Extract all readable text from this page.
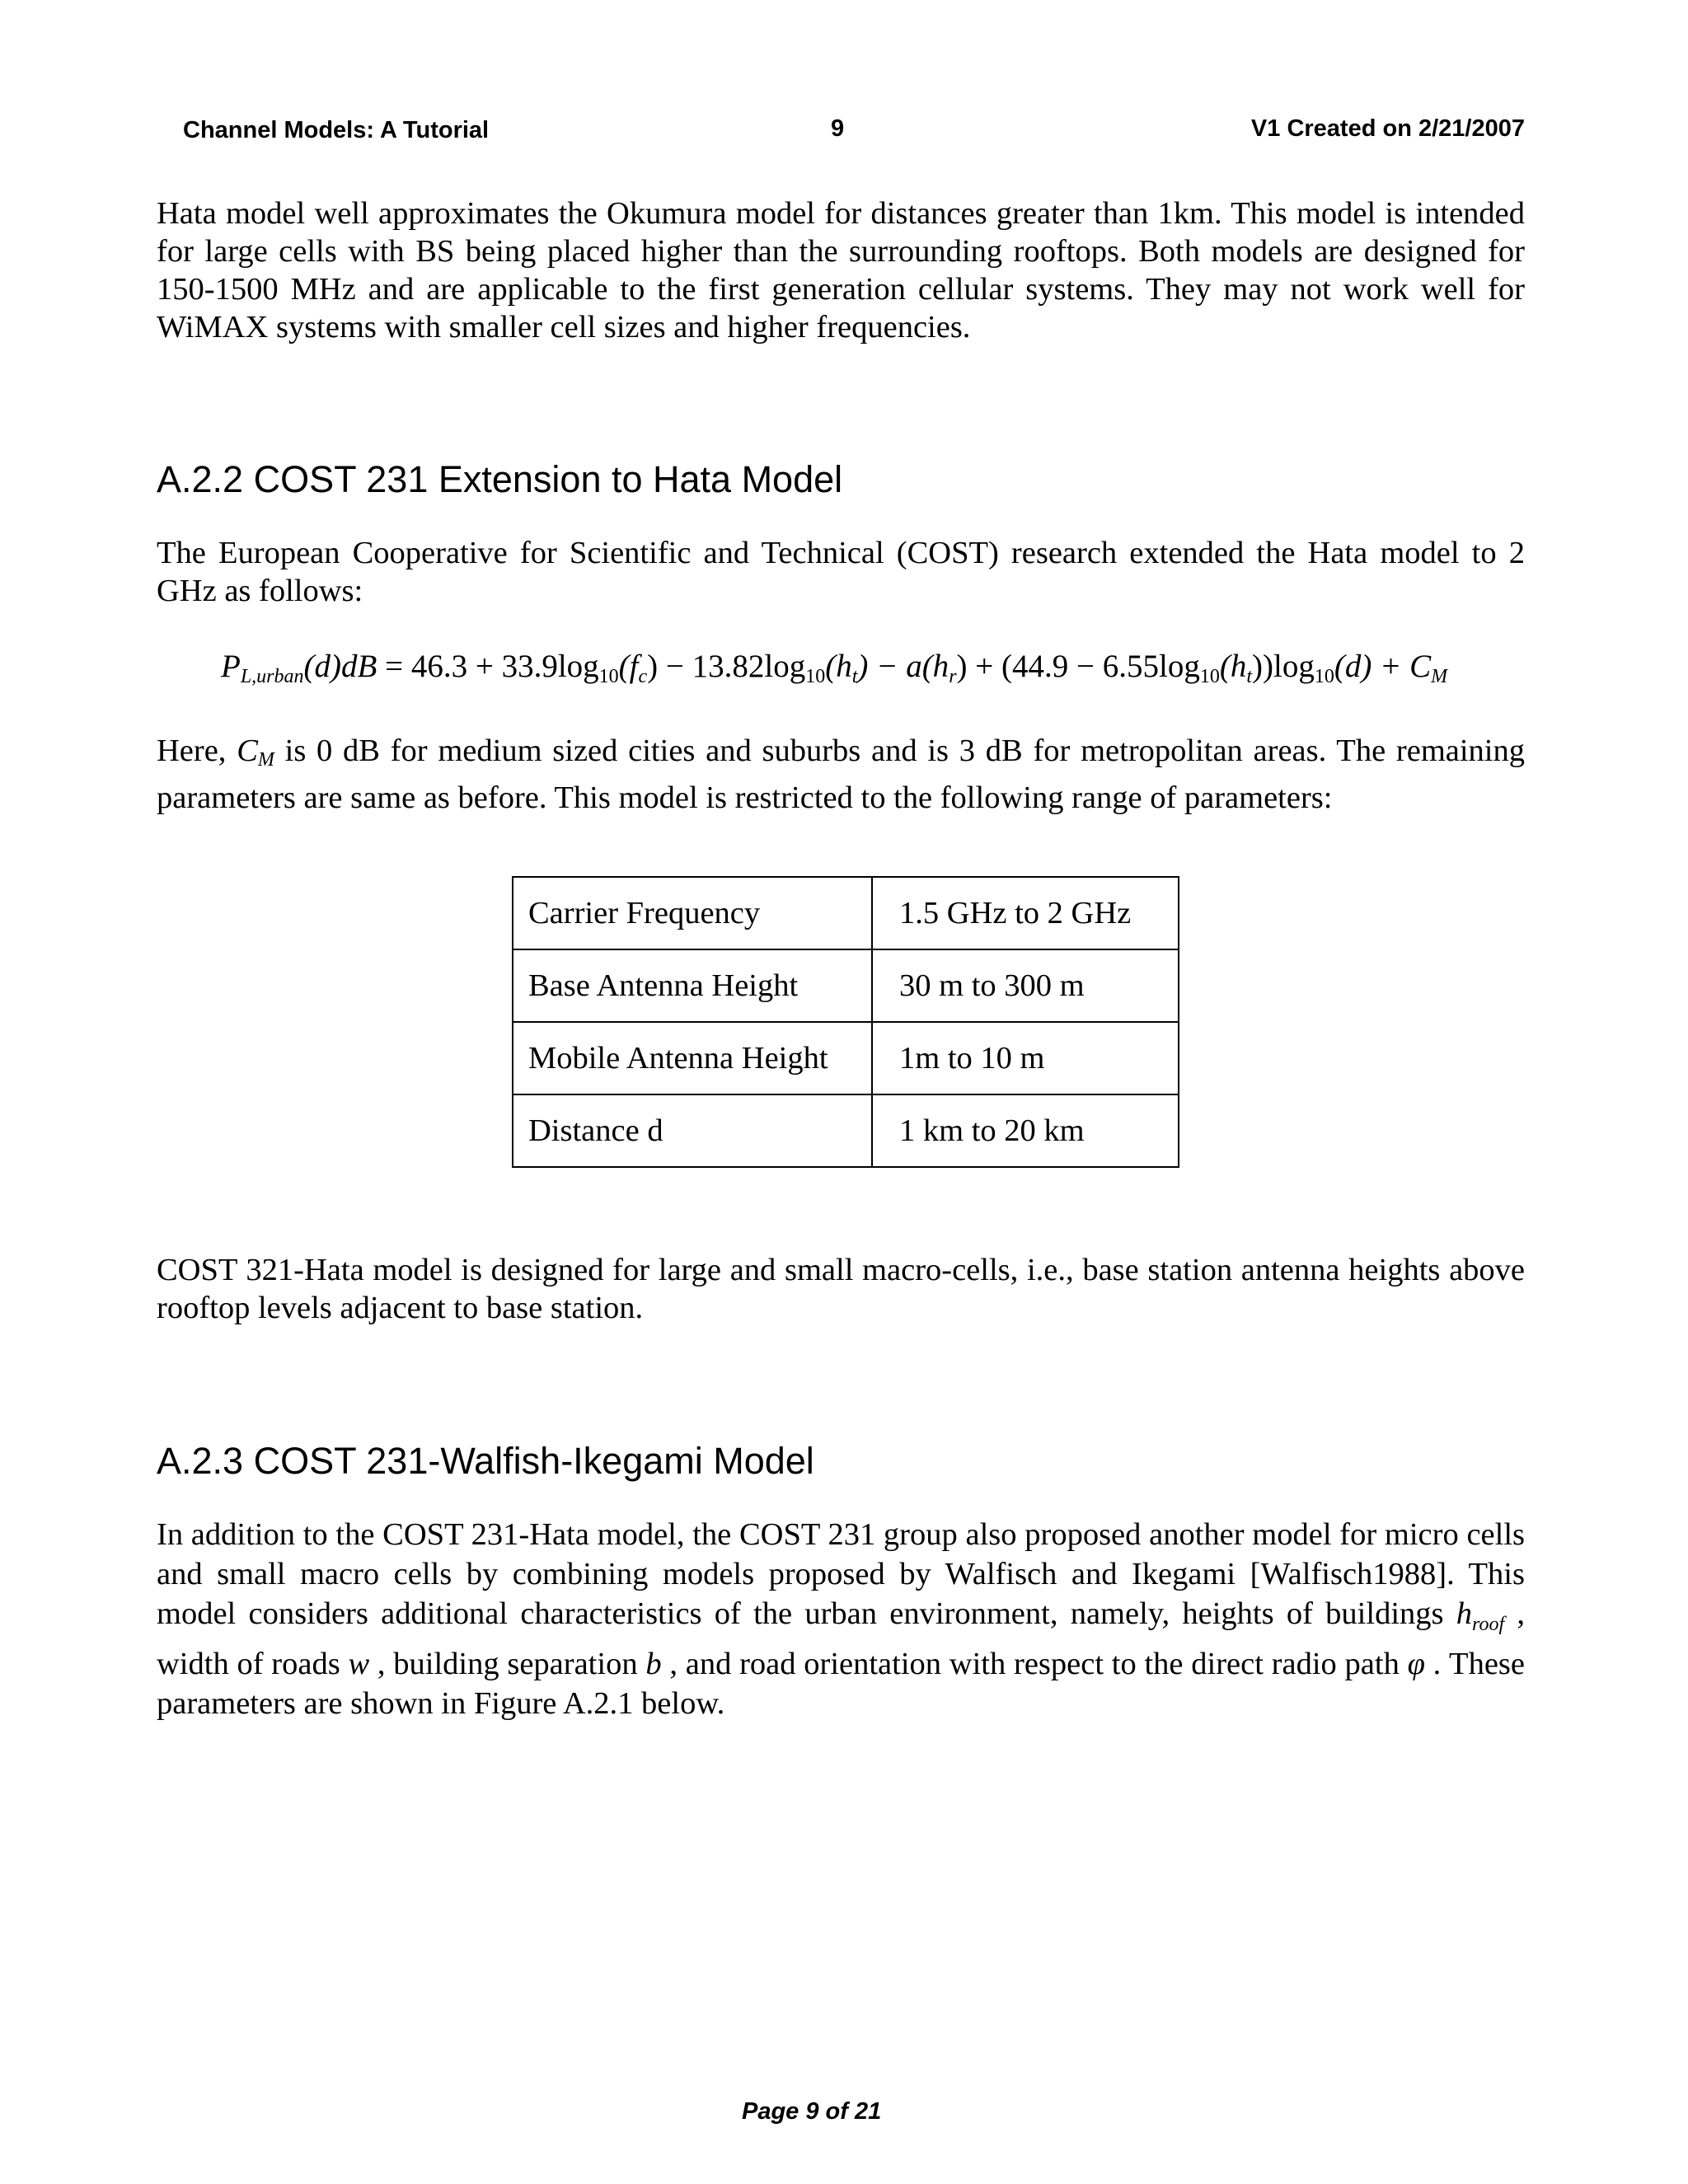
Channel Models: A Tutorial	9	V1 Created on 2/21/2007

Hata model well approximates the Okumura model for distances greater than 1km. This model is intended for large cells with BS being placed higher than the surrounding rooftops. Both models are designed for 150-1500 MHz and are applicable to the first generation cellular systems. They may not work well for WiMAX systems with smaller cell sizes and higher frequencies.

A.2.2 COST 231 Extension to Hata Model

The European Cooperative for Scientific and Technical (COST) research extended the Hata model to 2 GHz as follows:

$P_{L,urban}(d)dB = 46.3 + 33.9\log_{10}(f_c) - 13.82\log_{10}(h_t) - a(h_r) + (44.9 - 6.55\log_{10}(h_t))\log_{10}(d) + C_M$

Here, $C_M$ is 0 dB for medium sized cities and suburbs and is 3 dB for metropolitan areas. The remaining parameters are same as before. This model is restricted to the following range of parameters:

Carrier Frequency	1.5 GHz to 2 GHz
Base Antenna Height	30 m to 300 m
Mobile Antenna Height	1m to 10 m
Distance d	1 km to 20 km

COST 321-Hata model is designed for large and small macro-cells, i.e., base station antenna heights above rooftop levels adjacent to base station.

A.2.3 COST 231-Walfish-Ikegami Model

In addition to the COST 231-Hata model, the COST 231 group also proposed another model for micro cells and small macro cells by combining models proposed by Walfisch and Ikegami [Walfisch1988]. This model considers additional characteristics of the urban environment, namely, heights of buildings $h_{roof}$ , width of roads w , building separation b , and road orientation with respect to the direct radio path φ . These parameters are shown in Figure A.2.1 below.

Page 9 of 21
